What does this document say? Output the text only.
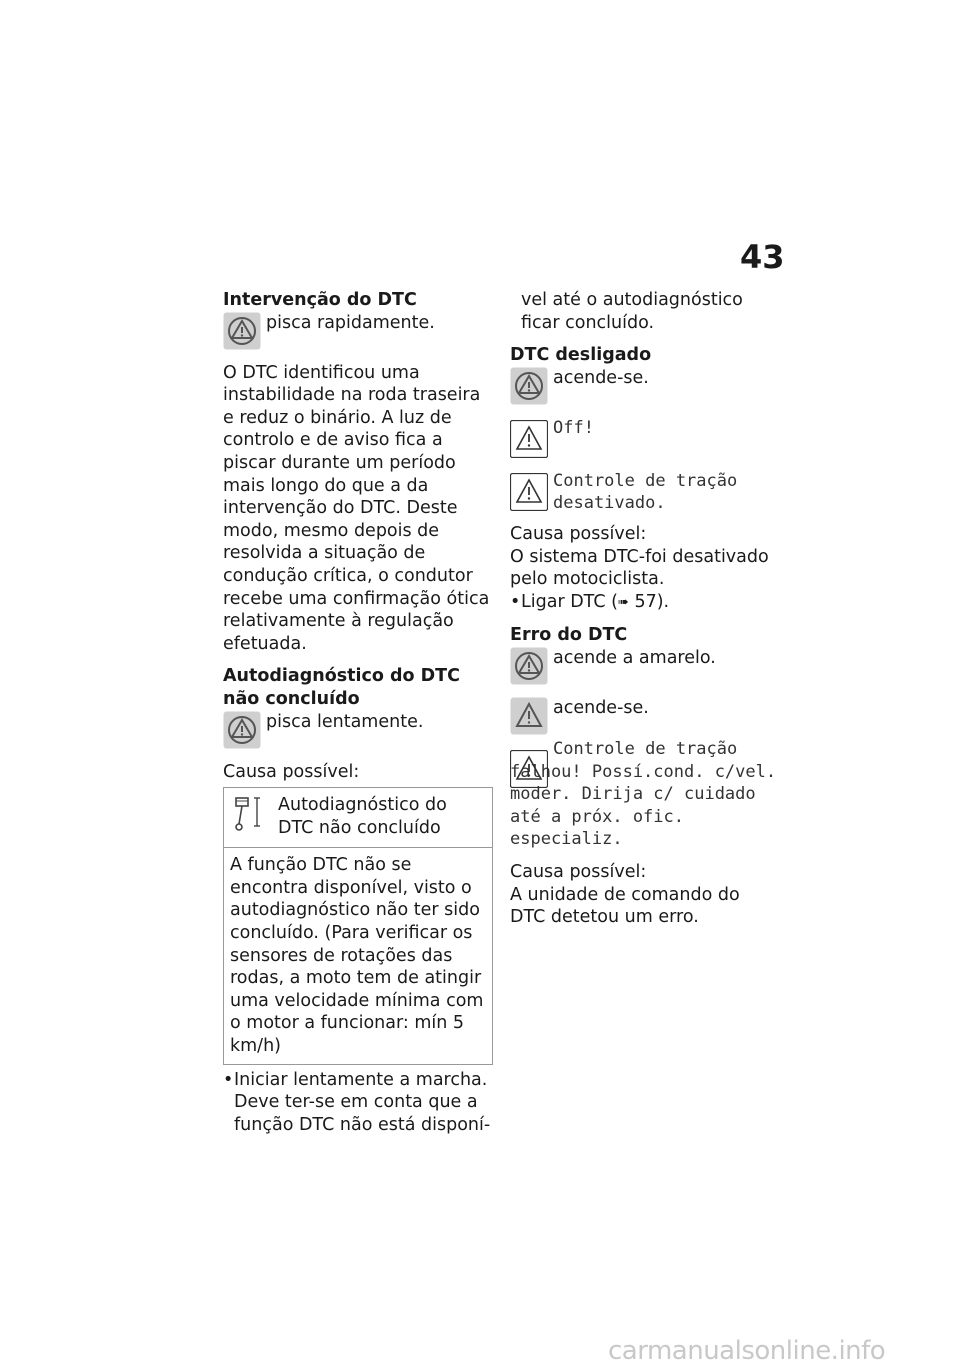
43
Intervenção do DTC
pisca rapidamente.
O DTC identificou uma instabilidade na roda traseira e reduz o binário. A luz de controlo e de aviso fica a piscar durante um período mais longo do que a da intervenção do DTC. Deste modo, mesmo depois de resolvida a situação de condução crítica, o condutor recebe uma confirmação ótica relativamente à regulação efetuada.
Autodiagnóstico do DTC não concluído
pisca lentamente.
Causa possível:
Autodiagnóstico do DTC não concluído
A função DTC não se encontra disponível, visto o autodiagnóstico não ter sido concluído. (Para verificar os sensores de rotações das rodas, a moto tem de atingir uma velocidade mínima com o motor a funcionar: mín 5 km/h)
• Iniciar lentamente a marcha. Deve ter-se em conta que a função DTC não está disponí-
vel até o autodiagnóstico ficar concluído.
DTC desligado
acende-se.
Off!
Controle de tração desativado.
Causa possível:
O sistema DTC-foi desativado pelo motociclista.
• Ligar DTC (➠ 57).
Erro do DTC
acende a amarelo.
acende-se.
Controle de tração falhou! Possí.cond. c/vel. moder. Dirija c/ cuidado até a próx. ofic. especializ.
Causa possível:
A unidade de comando do DTC detetou um erro.
carmanualsonline.info
